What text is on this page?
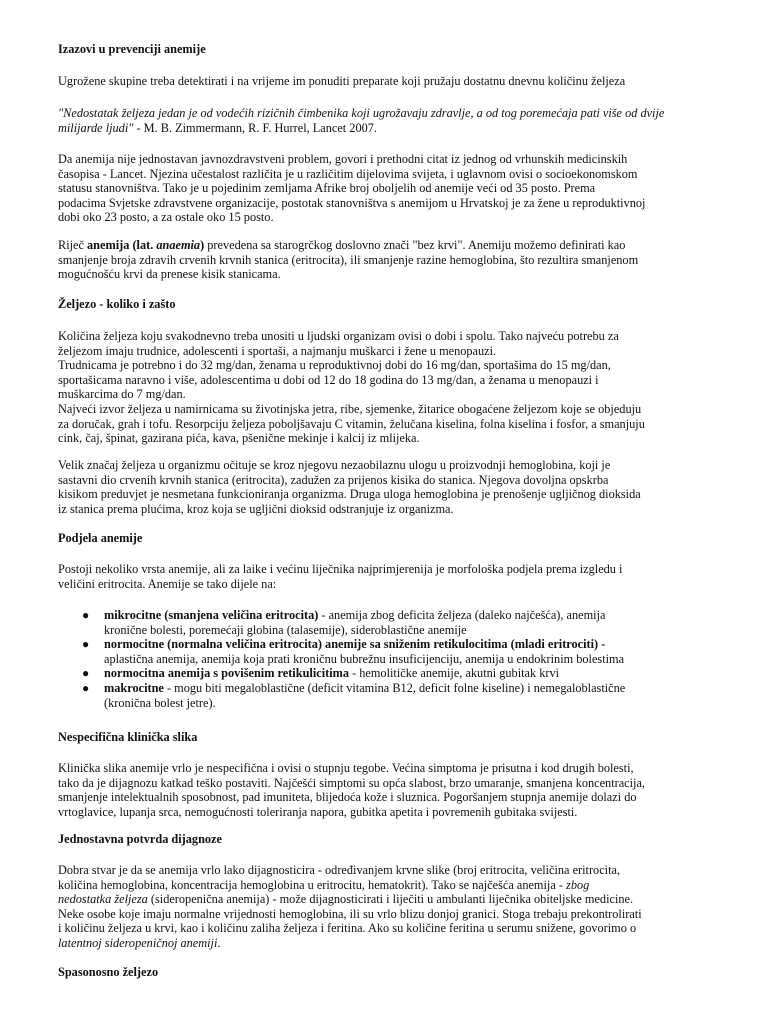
Izazovi u prevenciji anemije

Ugrožene skupine treba detektirati i na vrijeme im ponuditi preparate koji pružaju dostatnu dnevnu količinu željeza

"Nedostatak željeza jedan je od vodećih rizičnih čimbenika koji ugrožavaju zdravlje, a od tog poremećaja pati više od dvije milijarde ljudi" - M. B. Zimmermann, R. F. Hurrel, Lancet 2007.

Da anemija nije jednostavan javnozdravstveni problem, govori i prethodni citat iz jednog od vrhunskih medicinskih
časopisa - Lancet. Njezina učestalost različita je u različitim dijelovima svijeta, i uglavnom ovisi o socioekonomskom
statusu stanovništva. Tako je u pojedinim zemljama Afrike broj oboljelih od anemije veći od 35 posto. Prema
podacima Svjetske zdravstvene organizacije, postotak stanovništva s anemijom u Hrvatskoj je za žene u reproduktivnoj
dobi oko 23 posto, a za ostale oko 15 posto.
Riječ anemija (lat. anaemia) prevedena sa starogrčkog doslovno znači "bez krvi". Anemiju možemo definirati kao
smanjenje broja zdravih crvenih krvnih stanica (eritrocita), ili smanjenje razine hemoglobina, što rezultira smanjenom
mogućnošću krvi da prenese kisik stanicama.

Željezo - koliko i zašto

Količina željeza koju svakodnevno treba unositi u ljudski organizam ovisi o dobi i spolu. Tako najveću potrebu za
željezom imaju trudnice, adolescenti i sportaši, a najmanju muškarci i žene u menopauzi.
Trudnicama je potrebno i do 32 mg/dan, ženama u reproduktivnoj dobi do 16 mg/dan, sportašima do 15 mg/dan,
sportašicama naravno i više, adolescentima u dobi od 12 do 18 godina do 13 mg/dan, a ženama u menopauzi i
muškarcima do 7 mg/dan.
Najveći izvor željeza u namirnicama su životinjska jetra, ribe, sjemenke, žitarice obogaćene željezom koje se objeduju
za doručak, grah i tofu. Resorpciju željeza poboljšavaju C vitamin, želučana kiselina, folna kiselina i fosfor, a smanjuju
cink, čaj, špinat, gazirana pića, kava, pšenične mekinje i kalcij iz mlijeka.
Velik značaj željeza u organizmu očituje se kroz njegovu nezaobilaznu ulogu u proizvodnji hemoglobina, koji je
sastavni dio crvenih krvnih stanica (eritrocita), zadužen za prijenos kisika do stanica. Njegova dovoljna opskrba
kisikom preduvjet je nesmetana funkcioniranja organizma. Druga uloga hemoglobina je prenošenje ugljičnog dioksida
iz stanica prema plućima, kroz koja se ugljični dioksid odstranjuje iz organizma.

Podjela anemije

Postoji nekoliko vrsta anemije, ali za laike i većinu liječnika najprimjerenija je morfološka podjela prema izgledu i
veličini eritrocita. Anemije se tako dijele na:
● mikrocitne (smanjena veličina eritrocita) - anemija zbog deficita željeza (daleko najčešća), anemija
kronične bolesti, poremećaji globina (talasemije), sideroblastične anemije
● normocitne (normalna veličina eritrocita) anemije sa sniženim retikulocitima (mladi eritrociti) -
aplastična anemija, anemija koja prati kroničnu bubrežnu insuficijenciju, anemija u endokrinim bolestima
● normocitna anemija s povišenim retikulicitima - hemolitičke anemije, akutni gubitak krvi
● makrocitne - mogu biti megaloblastične (deficit vitamina B12, deficit folne kiseline) i nemegaloblastične
(kronična bolest jetre).

Nespecifična klinička slika

Klinička slika anemije vrlo je nespecifična i ovisi o stupnju tegobe. Većina simptoma je prisutna i kod drugih bolesti,
tako da je dijagnozu katkad teško postaviti. Najčešći simptomi su opća slabost, brzo umaranje, smanjena koncentracija,
smanjenje intelektualnih sposobnost, pad imuniteta, blijedoća kože i sluznica. Pogoršanjem stupnja anemije dolazi do
vrtoglavice, lupanja srca, nemogućnosti toleriranja napora, gubitka apetita i povremenih gubitaka svijesti.

Jednostavna potvrda dijagnoze

Dobra stvar je da se anemija vrlo lako dijagnosticira - određivanjem krvne slike (broj eritrocita, veličina eritrocita,
količina hemoglobina, koncentracija hemoglobina u eritrocitu, hematokrit). Tako se najčešća anemija - zbog
nedostatka željeza (sideropenična anemija) - može dijagnosticirati i liječiti u ambulanti liječnika obiteljske medicine.
Neke osobe koje imaju normalne vrijednosti hemoglobina, ili su vrlo blizu donjoj granici. Stoga trebaju prekontrolirati
i količinu željeza u krvi, kao i količinu zaliha željeza i feritina. Ako su količine feritina u serumu snižene, govorimo o
latentnoj sideropeničnoj anemiji.

Spasonosno željezo
